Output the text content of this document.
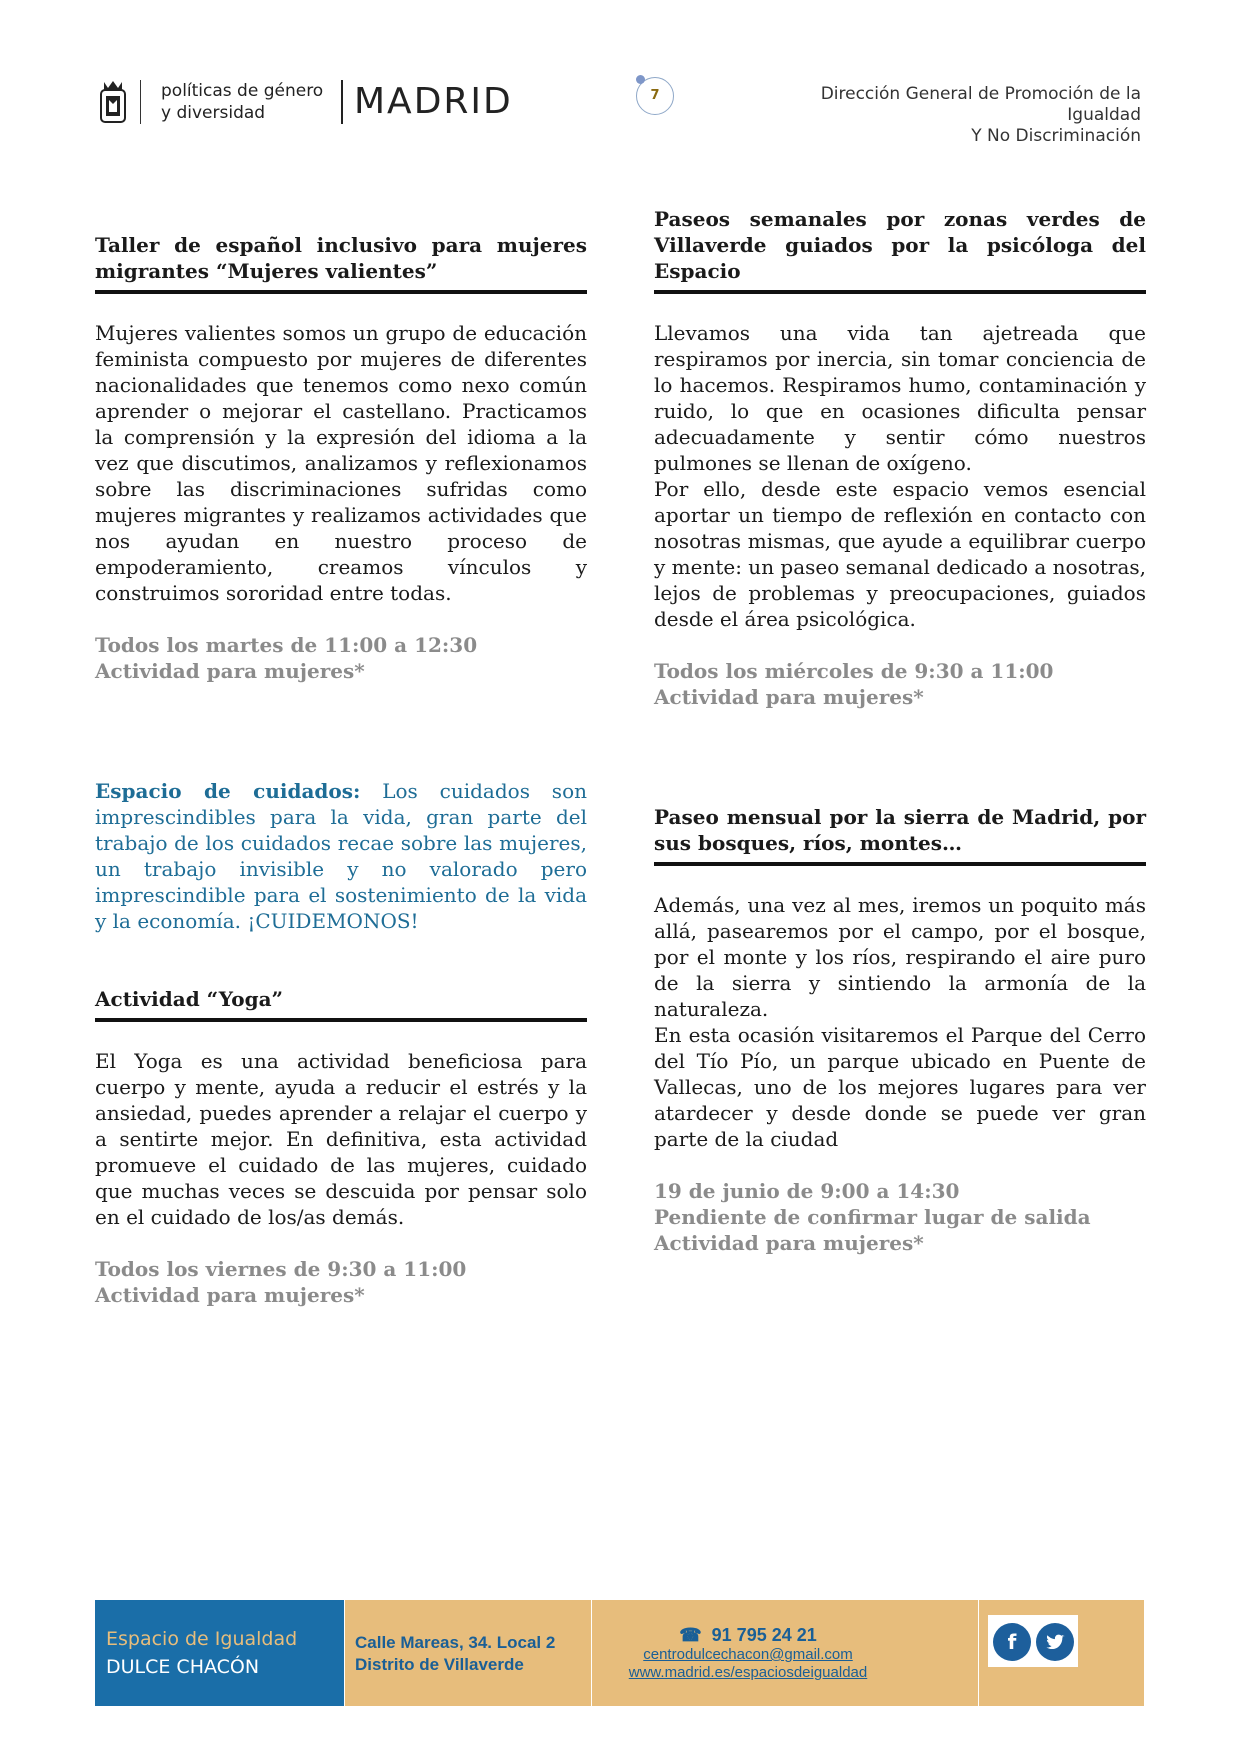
políticas de género
y diversidad	MADRID	7	Dirección General de Promoción de la
Igualdad
Y No Discriminación
Taller de español inclusivo para mujeres migrantes “Mujeres valientes”

Mujeres valientes somos un grupo de educación feminista compuesto por mujeres de diferentes nacionalidades que tenemos como nexo común aprender o mejorar el castellano. Practicamos la comprensión y la expresión del idioma a la vez que discutimos, analizamos y reflexionamos sobre las discriminaciones sufridas como mujeres migrantes y realizamos actividades que nos ayudan en nuestro proceso de empoderamiento, creamos vínculos y construimos sororidad entre todas.

Todos los martes de 11:00 a 12:30

Actividad para mujeres*

Espacio de cuidados: Los cuidados son imprescindibles para la vida, gran parte del trabajo de los cuidados recae sobre las mujeres, un trabajo invisible y no valorado pero imprescindible para el sostenimiento de la vida y la economía. ¡CUIDEMONOS!

Actividad “Yoga”

El Yoga es una actividad beneficiosa para cuerpo y mente, ayuda a reducir el estrés y la ansiedad, puedes aprender a relajar el cuerpo y a sentirte mejor. En definitiva, esta actividad promueve el cuidado de las mujeres, cuidado que muchas veces se descuida por pensar solo en el cuidado de los/as demás.

Todos los viernes de 9:30 a 11:00

Actividad para mujeres*

Paseos semanales por zonas verdes de Villaverde guiados por la psicóloga del Espacio

Llevamos una vida tan ajetreada que respiramos por inercia, sin tomar conciencia de lo hacemos. Respiramos humo, contaminación y ruido, lo que en ocasiones dificulta pensar adecuadamente y sentir cómo nuestros pulmones se llenan de oxígeno.

Por ello, desde este espacio vemos esencial aportar un tiempo de reflexión en contacto con nosotras mismas, que ayude a equilibrar cuerpo y mente: un paseo semanal dedicado a nosotras, lejos de problemas y preocupaciones, guiados desde el área psicológica.

Todos los miércoles de 9:30 a 11:00

Actividad para mujeres*

Paseo mensual por la sierra de Madrid, por sus bosques, ríos, montes…

Además, una vez al mes, iremos un poquito más allá, pasearemos por el campo, por el bosque, por el monte y los ríos, respirando el aire puro de la sierra y sintiendo la armonía de la naturaleza.

En esta ocasión visitaremos el Parque del Cerro del Tío Pío, un parque ubicado en Puente de Vallecas, uno de los mejores lugares para ver atardecer y desde donde se puede ver gran parte de la ciudad

19 de junio de 9:00 a 14:30

Pendiente de confirmar lugar de salida

Actividad para mujeres*

Espacio de Igualdad
DULCE CHACÓN
Calle Mareas, 34. Local 2
Distrito de Villaverde
☎ 91 795 24 21
centrodulcechacon@gmail.com
www.madrid.es/espaciosdeigualdad
f
